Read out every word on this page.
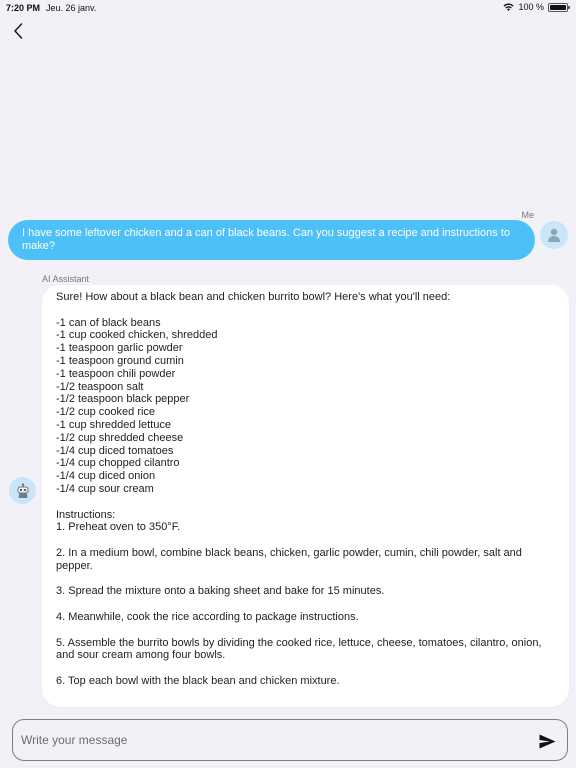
7:20 PM Jeu. 26 janv.	100 %
Me
I have some leftover chicken and a can of black beans. Can you suggest a recipe and instructions to make?
AI Assistant
Sure! How about a black bean and chicken burrito bowl? Here's what you'll need:
-1 can of black beans
-1 cup cooked chicken, shredded
-1 teaspoon garlic powder
-1 teaspoon ground cumin
-1 teaspoon chili powder
-1/2 teaspoon salt
-1/2 teaspoon black pepper
-1/2 cup cooked rice
-1 cup shredded lettuce
-1/2 cup shredded cheese
-1/4 cup diced tomatoes
-1/4 cup chopped cilantro
-1/4 cup diced onion
-1/4 cup sour cream
Instructions:
1. Preheat oven to 350°F.
2. In a medium bowl, combine black beans, chicken, garlic powder, cumin, chili powder, salt and pepper.
3. Spread the mixture onto a baking sheet and bake for 15 minutes.
4. Meanwhile, cook the rice according to package instructions.
5. Assemble the burrito bowls by dividing the cooked rice, lettuce, cheese, tomatoes, cilantro, onion, and sour cream among four bowls.
6. Top each bowl with the black bean and chicken mixture.
Write your message
